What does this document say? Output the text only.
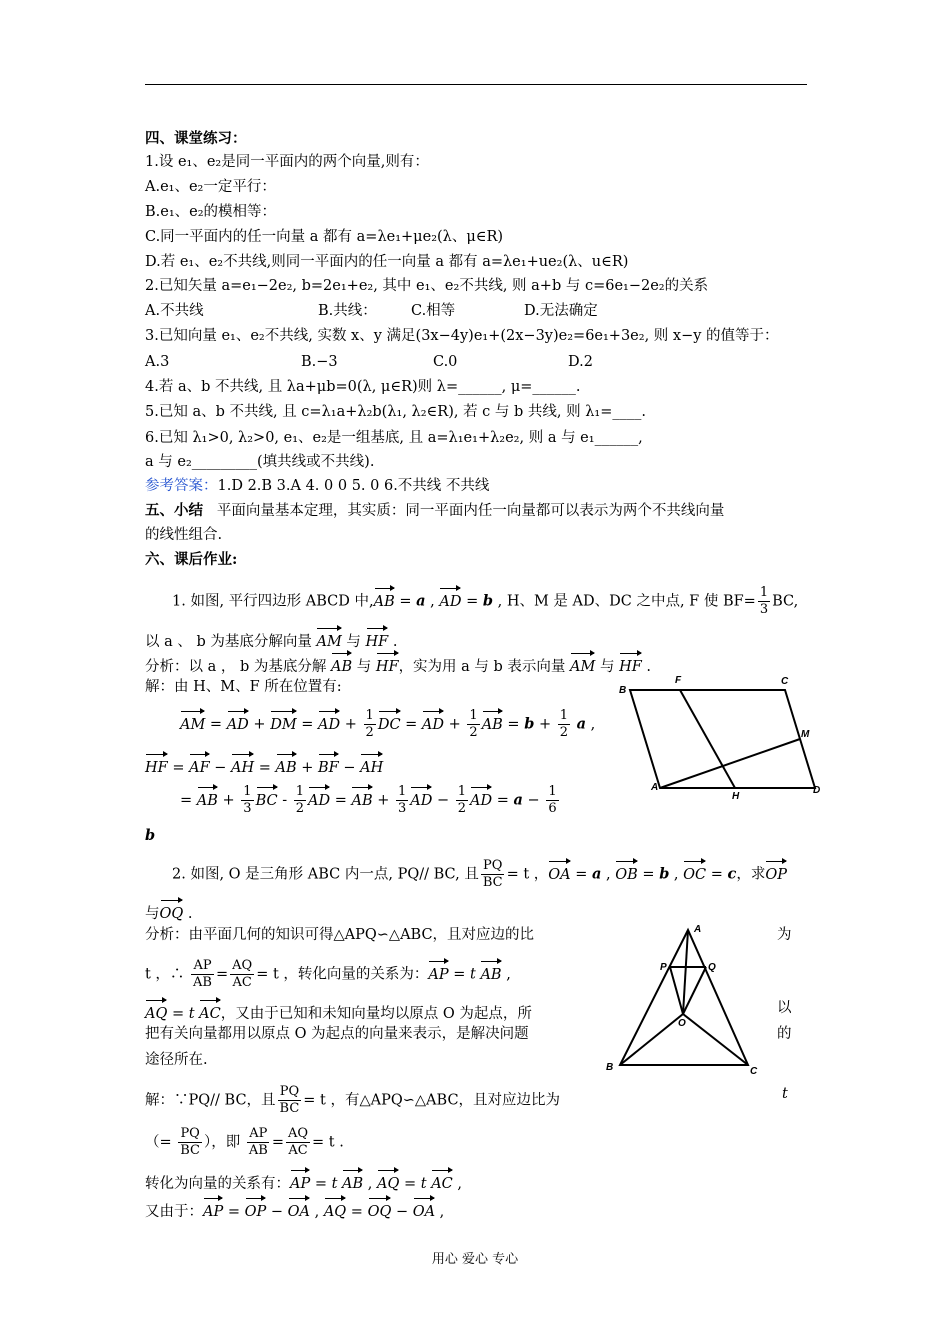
四、课堂练习：
1.设 e₁、e₂是同一平面内的两个向量,则有：
A.e₁、e₂一定平行：
B.e₁、e₂的模相等：
C.同一平面内的任一向量 a 都有 a=λe₁+μe₂(λ、μ∈R)
D.若 e₁、e₂不共线,则同一平面内的任一向量 a 都有 a=λe₁+ue₂(λ、u∈R)
2.已知矢量 a=e₁−2e₂, b=2e₁+e₂, 其中 e₁、e₂不共线, 则 a+b 与 c=6e₁−2e₂的关系
A.不共线	B.共线： C.相等	D.无法确定
3.已知向量 e₁、e₂不共线, 实数 x、y 满足(3x−4y)e₁+(2x−3y)e₂=6e₁+3e₂, 则 x−y 的值等于：
A.3	B.−3	C.0	D.2
4.若 a、b 不共线, 且 λa+μb=0(λ, μ∈R)则 λ=______, μ=______.
5.已知 a、b 不共线, 且 c=λ₁a+λ₂b(λ₁, λ₂∈R), 若 c 与 b 共线, 则 λ₁=____.
6.已知 λ₁>0, λ₂>0, e₁、e₂是一组基底, 且 a=λ₁e₁+λ₂e₂, 则 a 与 e₁______,
a 与 e₂_________(填共线或不共线).
参考答案：1.D 2.B 3.A 4. 0 0 5. 0 6.不共线 不共线
五、小结 平面向量基本定理，其实质：同一平面内任一向量都可以表示为两个不共线向量
的线性组合.
六、课后作业:
1. 如图, 平行四边形 ABCD 中,AB = a , AD = b , H、M 是 AD、DC 之中点, F 使 $BF= \frac{1}{3}$ BC,
以 a 、 b 为基底分解向量 AM 与 HF .
分析：以 a ， b 为基底分解 AB 与 HF，实为用 a 与 b 表示向量 AM 与 HF .
解：由 H、M、F 所在位置有:
AM = AD + DM = AD + $\frac{1}{2}$ DC = AD + $\frac{1}{2}$ AB = $b + \frac{1}{2}$ a ,
HF = AF − AH = AB + BF − AH
= AB + $\frac{1}{3}$ BC - $\frac{1}{2}$ AD = AB + $\frac{1}{3}$ AD − $\frac{1}{2}$ AD = $a - \frac{1}{6}$
b
B
F	C
M
A
H
D
2. 如图, O 是三角形 ABC 内一点, PQ// BC, 且 $\frac{PQ}{BC} = t$ ，OA = a , OB = b , OC = c，求OP
与OQ .
分析：由平面几何的知识可得△APQ∽△ABC，且对应边的比	为
t ，∴ $\frac{AP}{AB} = \frac{AQ}{AC} = t$ ，转化向量的关系为：AP = t AB ,
AQ = t AC，又由于已知和未知向量均以原点 O 为起点，所	以
把有关向量都用以原点 O 为起点的向量来表示，是解决问题	的
途径所在.
解：∵PQ// BC，且 $\frac{PQ}{BC} = t$ ，有△APQ∽△ABC，且对应边比为	t
（= $\frac{PQ}{BC}$ ），即 $\frac{AP}{AB} = \frac{AQ}{AC} = t$ .
转化为向量的关系有：AP = t AB , AQ = t AC ,
又由于：AP = OP − OA , AQ = OQ − OA ,
A
P	Q
O
B	C
用心 爱心 专心
